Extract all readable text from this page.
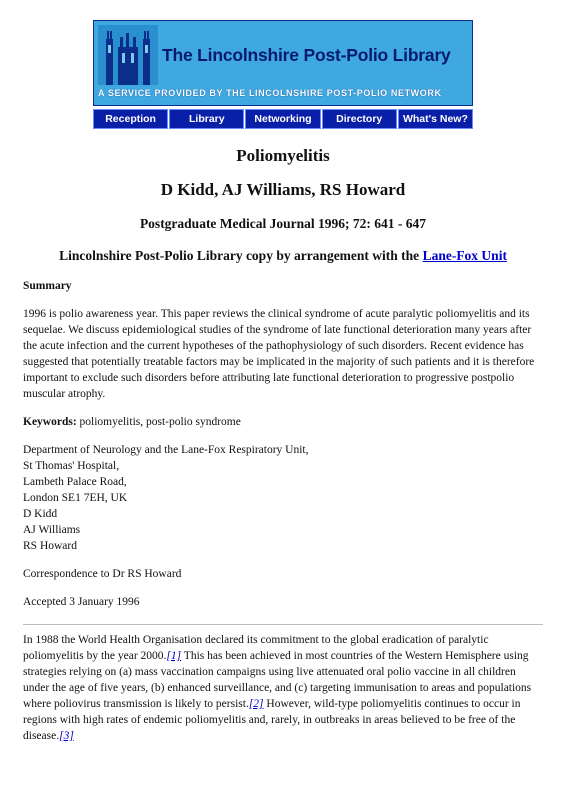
The Lincolnshire Post-Polio Library
A SERVICE PROVIDED BY THE LINCOLNSHIRE POST-POLIO NETWORK
Reception	Library	Networking	Directory	What's New?
Poliomyelitis
D Kidd, AJ Williams, RS Howard
Postgraduate Medical Journal 1996; 72: 641 - 647
Lincolnshire Post-Polio Library copy by arrangement with the Lane-Fox Unit
Summary

1996 is polio awareness year. This paper reviews the clinical syndrome of acute paralytic poliomyelitis and its sequelae. We discuss epidemiological studies of the syndrome of late functional deterioration many years after the acute infection and the current hypotheses of the pathophysiology of such disorders. Recent evidence has suggested that potentially treatable factors may be implicated in the majority of such patients and it is therefore important to exclude such disorders before attributing late functional deterioration to progressive postpolio muscular atrophy.

Keywords: poliomyelitis, post-polio syndrome

Department of Neurology and the Lane-Fox Respiratory Unit,
St Thomas' Hospital,
Lambeth Palace Road,
London SE1 7EH, UK
D Kidd
AJ Williams
RS Howard

Correspondence to Dr RS Howard

Accepted 3 January 1996

In 1988 the World Health Organisation declared its commitment to the global eradication of paralytic poliomyelitis by the year 2000.[1] This has been achieved in most countries of the Western Hemisphere using strategies relying on (a) mass vaccination campaigns using live attenuated oral polio vaccine in all children under the age of five years, (b) enhanced surveillance, and (c) targeting immunisation to areas and populations where poliovirus transmission is likely to persist.[2] However, wild-type poliomyelitis continues to occur in regions with high rates of endemic poliomyelitis and, rarely, in outbreaks in areas believed to be free of the disease.[3]
